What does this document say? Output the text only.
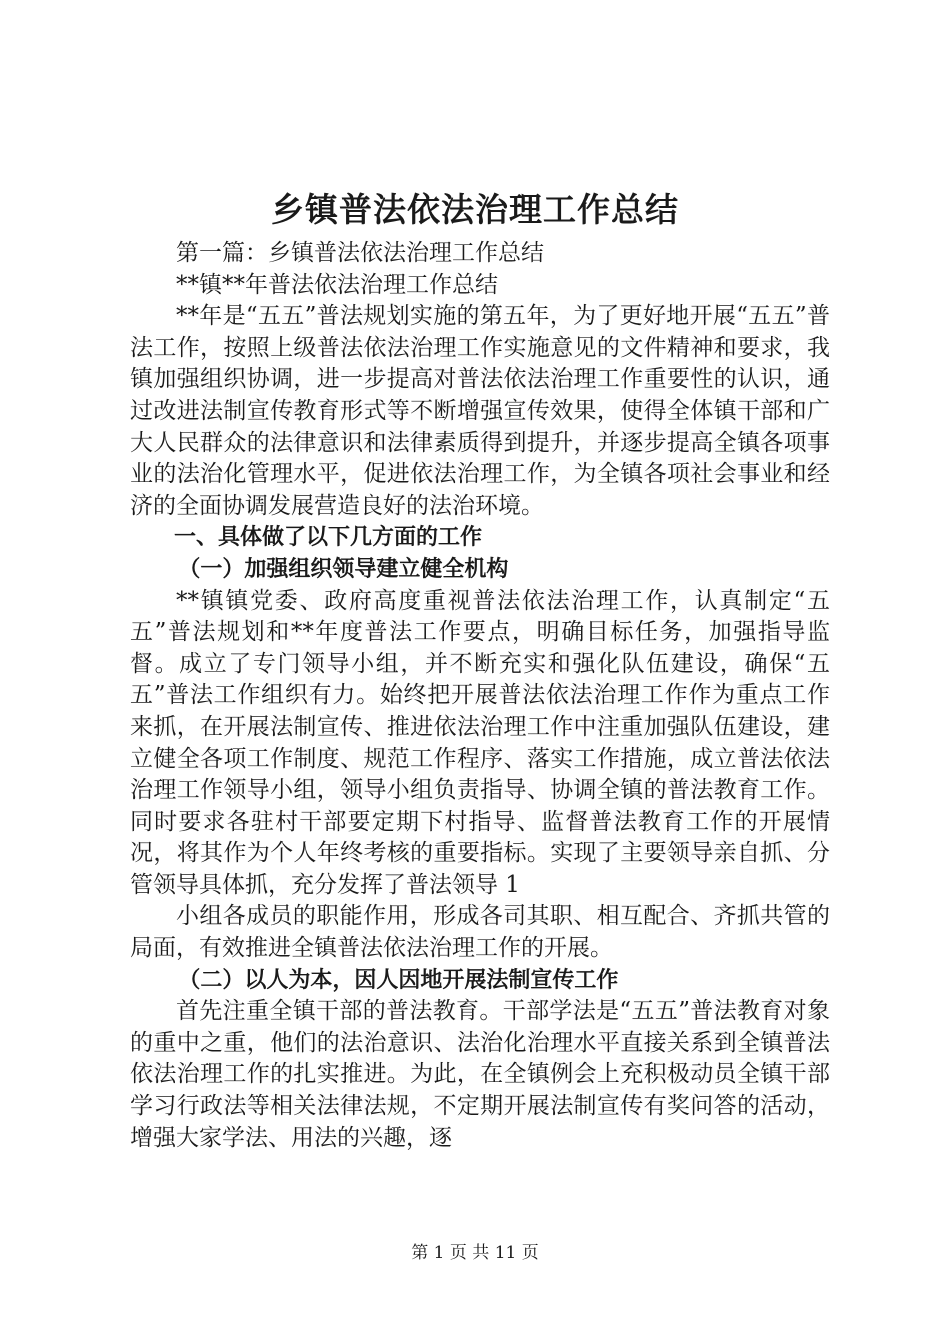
乡镇普法依法治理工作总结

第一篇：乡镇普法依法治理工作总结

**镇**年普法依法治理工作总结

**年是“五五”普法规划实施的第五年，为了更好地开展“五五”普法工作，按照上级普法依法治理工作实施意见的文件精神和要求，我镇加强组织协调，进一步提高对普法依法治理工作重要性的认识，通过改进法制宣传教育形式等不断增强宣传效果，使得全体镇干部和广大人民群众的法律意识和法律素质得到提升，并逐步提高全镇各项事业的法治化管理水平，促进依法治理工作，为全镇各项社会事业和经济的全面协调发展营造良好的法治环境。

一、具体做了以下几方面的工作

（一）加强组织领导建立健全机构

**镇镇党委、政府高度重视普法依法治理工作，认真制定“五五”普法规划和**年度普法工作要点，明确目标任务，加强指导监督。成立了专门领导小组，并不断充实和强化队伍建设，确保“五五”普法工作组织有力。始终把开展普法依法治理工作作为重点工作来抓，在开展法制宣传、推进依法治理工作中注重加强队伍建设，建立健全各项工作制度、规范工作程序、落实工作措施，成立普法依法治理工作领导小组，领导小组负责指导、协调全镇的普法教育工作。同时要求各驻村干部要定期下村指导、监督普法教育工作的开展情况，将其作为个人年终考核的重要指标。实现了主要领导亲自抓、分管领导具体抓，充分发挥了普法领导 1

小组各成员的职能作用，形成各司其职、相互配合、齐抓共管的局面，有效推进全镇普法依法治理工作的开展。

（二）以人为本，因人因地开展法制宣传工作

首先注重全镇干部的普法教育。干部学法是“五五”普法教育对象的重中之重，他们的法治意识、法治化治理水平直接关系到全镇普法依法治理工作的扎实推进。为此，在全镇例会上充积极动员全镇干部学习行政法等相关法律法规，不定期开展法制宣传有奖问答的活动，增强大家学法、用法的兴趣，逐

第 1 页 共 11 页
